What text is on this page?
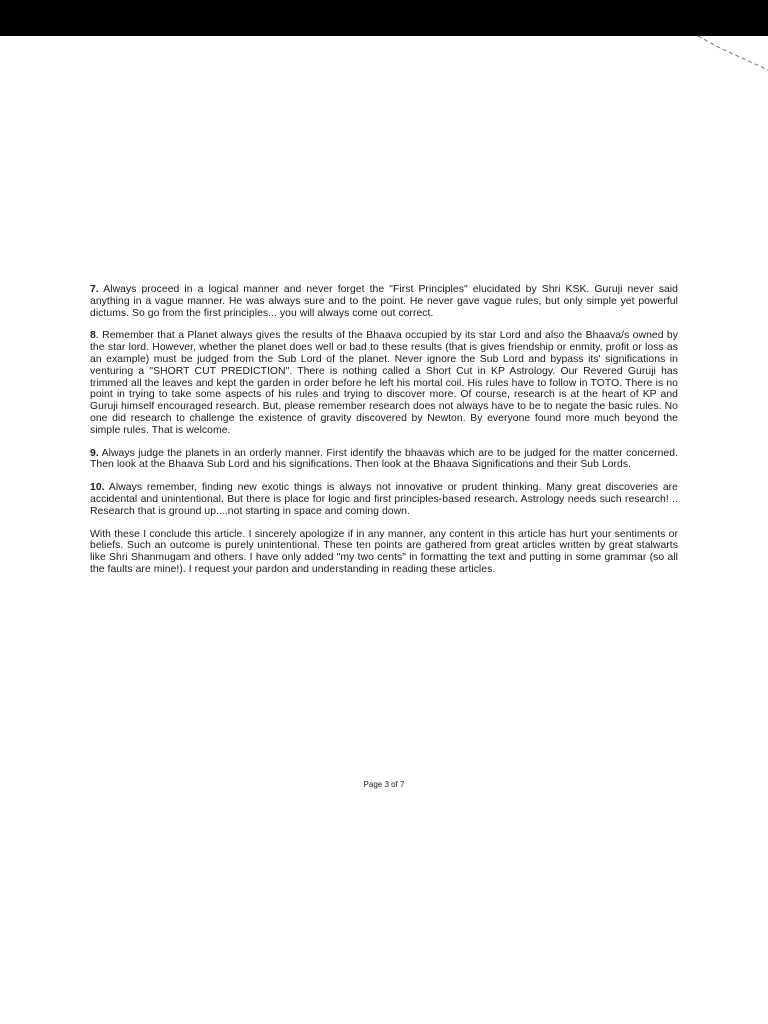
7. Always proceed in a logical manner and never forget the "First Principles" elucidated by Shri KSK. Guruji never said anything in a vague manner. He was always sure and to the point. He never gave vague rules, but only simple yet powerful dictums. So go from the first principles... you will always come out correct.

8. Remember that a Planet always gives the results of the Bhaava occupied by its star Lord and also the Bhaava/s owned by the star lord. However, whether the planet does well or bad to these results (that is gives friendship or enmity, profit or loss as an example) must be judged from the Sub Lord of the planet. Never ignore the Sub Lord and bypass its' significations in venturing a "SHORT CUT PREDICTION". There is nothing called a Short Cut in KP Astrology. Our Revered Guruji has trimmed all the leaves and kept the garden in order before he left his mortal coil. His rules have to follow in TOTO. There is no point in trying to take some aspects of his rules and trying to discover more. Of course, research is at the heart of KP and Guruji himself encouraged research. But, please remember research does not always have to be to negate the basic rules. No one did research to challenge the existence of gravity discovered by Newton. By everyone found more much beyond the simple rules. That is welcome.

9. Always judge the planets in an orderly manner. First identify the bhaavas which are to be judged for the matter concerned. Then look at the Bhaava Sub Lord and his significations. Then look at the Bhaava Significations and their Sub Lords.

10. Always remember, finding new exotic things is always not innovative or prudent thinking. Many great discoveries are accidental and unintentional. But there is place for logic and first principles-based research. Astrology needs such research! .. Research that is ground up....not starting in space and coming down.

With these I conclude this article. I sincerely apologize if in any manner, any content in this article has hurt your sentiments or beliefs. Such an outcome is purely unintentional. These ten points are gathered from great articles written by great stalwarts like Shri Shanmugam and others. I have only added "my two cents" in formatting the text and putting in some grammar (so all the faults are mine!). I request your pardon and understanding in reading these articles.

Page 3 of 7
